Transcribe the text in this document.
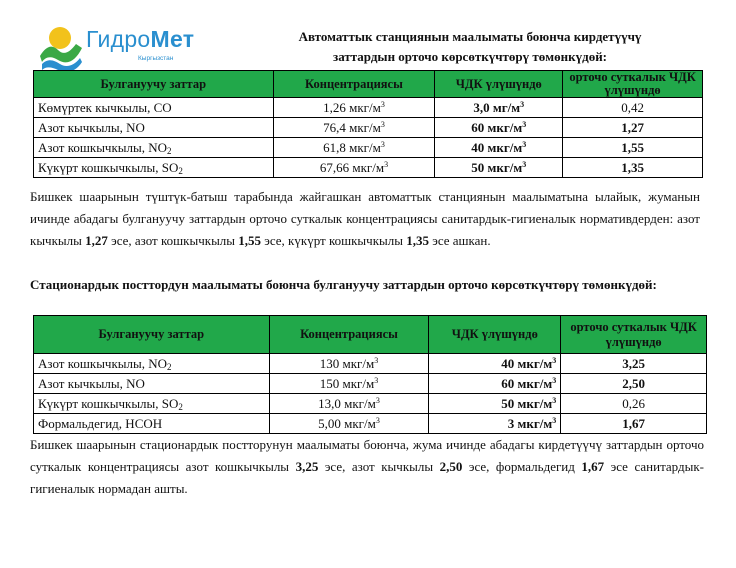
ГидроМет
Кыргызстан
Автоматтык станциянын маалыматы боюнча кирдетүүчү
заттардын орточо көрсөткүчтөрү төмөнкүдөй:
Булгануучу заттар	Концентрациясы	ЧДК үлүшүндө	орточо суткалык ЧДК үлүшүндө
Көмүртек кычкылы, CO	1,26 мкг/$м^3$	3,0 $мг/м^3$	0,42
Азот кычкылы, NO	76,4 мкг/$м^3$	60 мкг/$м^3$	1,27
Азот кошкычкылы, $NO_2$	61,8 мкг/$м^3$	40 мкг/$м^3$	1,55
Күкүрт кошкычкылы, $SO_2$	67,66 мкг/$м^3$	50 мкг/$м^3$	1,35
Бишкек шаарынын түштүк-батыш тарабында жайгашкан автоматтык станциянын маалыматына ылайык, жуманын ичинде абадагы булгануучу заттардын орточо суткалык концентрациясы санитардык-гигиеналык нормативдерден: азот кычкылы 1,27 эсе, азот кошкычкылы 1,55 эсе, күкүрт кошкычкылы 1,35 эсе ашкан.
Стационардык посттордун маалыматы боюнча булгануучу заттардын орточо көрсөткүчтөрү төмөнкүдөй:
Булгануучу заттар	Концентрациясы	ЧДК үлүшүндө	орточо суткалык ЧДК үлүшүндө
Азот кошкычкылы, $NO_2$	130 мкг/$м^3$	40 мкг/$м^3$	3,25
Азот кычкылы, NO	150 мкг/$м^3$	60 мкг/$м^3$	2,50
Күкүрт кошкычкылы, $SO_2$	13,0 мкг/$м^3$	50 мкг/$м^3$	0,26
Формальдегид, HCOH	5,00 мкг/$м^3$	3 мкг/$м^3$	1,67
Бишкек шаарынын стационардык постторунун маалыматы боюнча, жума ичинде абадагы кирдетүүчү заттардын орточо суткалык концентрациясы азот кошкычкылы 3,25 эсе, азот кычкылы 2,50 эсе, формальдегид 1,67 эсе санитардык-гигиеналык нормадан ашты.
